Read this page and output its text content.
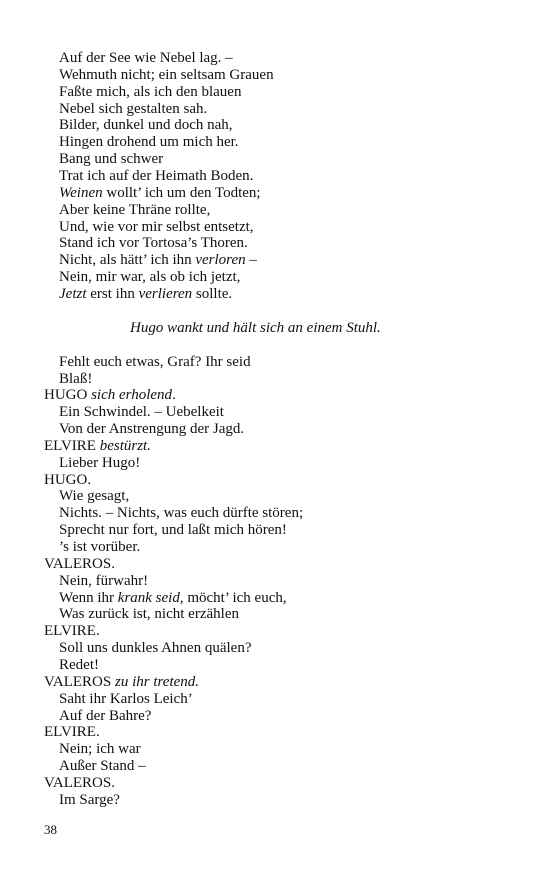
Auf der See wie Nebel lag. –
Wehmuth nicht; ein seltsam Grauen
Faßte mich, als ich den blauen
Nebel sich gestalten sah.
Bilder, dunkel und doch nah,
Hingen drohend um mich her.
Bang und schwer
Trat ich auf der Heimath Boden.
Weinen wollt’ ich um den Todten;
Aber keine Thräne rollte,
Und, wie vor mir selbst entsetzt,
Stand ich vor Tortosa’s Thoren.
Nicht, als hätt’ ich ihn verloren –
Nein, mir war, als ob ich jetzt,
Jetzt erst ihn verlieren sollte.
Hugo wankt und hält sich an einem Stuhl.
Fehlt euch etwas, Graf? Ihr seid
Blaß!
HUGO sich erholend.
Ein Schwindel. – Uebelkeit
Von der Anstrengung der Jagd.
ELVIRE bestürzt.
Lieber Hugo!
HUGO.
Wie gesagt,
Nichts. – Nichts, was euch dürfte stören;
Sprecht nur fort, und laßt mich hören!
’s ist vorüber.
VALEROS.
Nein, fürwahr!
Wenn ihr krank seid, möcht’ ich euch,
Was zurück ist, nicht erzählen
ELVIRE.
Soll uns dunkles Ahnen quälen?
Redet!
VALEROS zu ihr tretend.
Saht ihr Karlos Leich’
Auf der Bahre?
ELVIRE.
Nein; ich war
Außer Stand –
VALEROS.
Im Sarge?
38
